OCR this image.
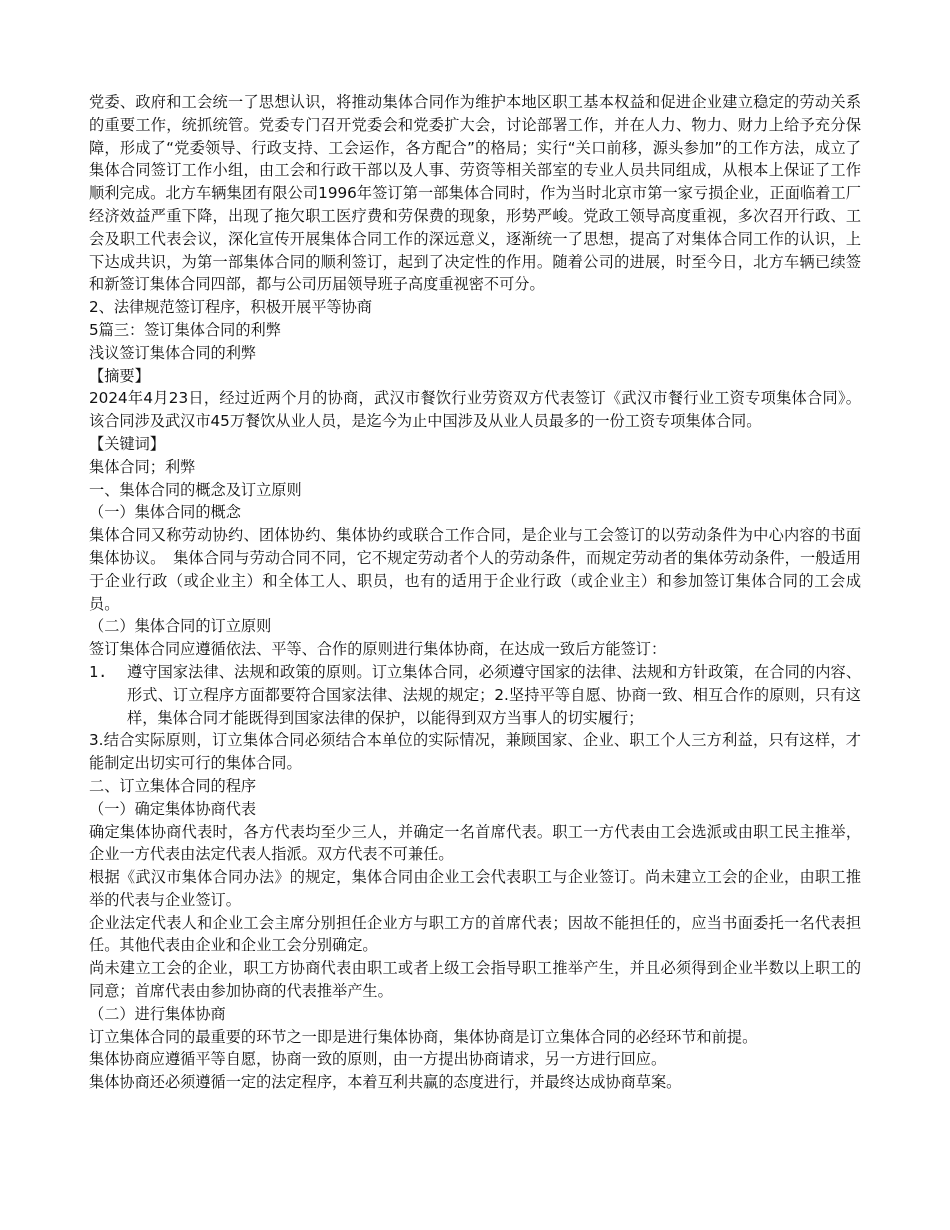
党委、政府和工会统一了思想认识，将推动集体合同作为维护本地区职工基本权益和促进企业建立稳定的劳动关系的重要工作，统抓统管。党委专门召开党委会和党委扩大会，讨论部署工作，并在人力、物力、财力上给予充分保障，形成了“党委领导、行政支持、工会运作，各方配合”的格局；实行“关口前移，源头参加”的工作方法，成立了集体合同签订工作小组，由工会和行政干部以及人事、劳资等相关部室的专业人员共同组成，从根本上保证了工作顺利完成。北方车辆集团有限公司1996年签订第一部集体合同时，作为当时北京市第一家亏损企业，正面临着工厂经济效益严重下降，出现了拖欠职工医疗费和劳保费的现象，形势严峻。党政工领导高度重视，多次召开行政、工会及职工代表会议，深化宣传开展集体合同工作的深远意义，逐渐统一了思想，提高了对集体合同工作的认识，上下达成共识，为第一部集体合同的顺利签订，起到了决定性的作用。随着公司的进展，时至今日，北方车辆已续签和新签订集体合同四部，都与公司历届领导班子高度重视密不可分。

2、法律规范签订程序，积极开展平等协商

5篇三：签订集体合同的利弊

浅议签订集体合同的利弊

【摘要】

2024年4月23日，经过近两个月的协商，武汉市餐饮行业劳资双方代表签订《武汉市餐行业工资专项集体合同》。该合同涉及武汉市45万餐饮从业人员，是迄今为止中国涉及从业人员最多的一份工资专项集体合同。

【关键词】

集体合同；利弊

一、集体合同的概念及订立原则

（一）集体合同的概念

集体合同又称劳动协约、团体协约、集体协约或联合工作合同，是企业与工会签订的以劳动条件为中心内容的书面集体协议。　集体合同与劳动合同不同，它不规定劳动者个人的劳动条件，而规定劳动者的集体劳动条件，一般适用于企业行政（或企业主）和全体工人、职员，也有的适用于企业行政（或企业主）和参加签订集体合同的工会成员。

（二）集体合同的订立原则

签订集体合同应遵循依法、平等、合作的原则进行集体协商，在达成一致后方能签订：

1. 遵守国家法律、法规和政策的原则。订立集体合同，必须遵守国家的法律、法规和方针政策，在合同的内容、形式、订立程序方面都要符合国家法律、法规的规定；2.坚持平等自愿、协商一致、相互合作的原则，只有这样，集体合同才能既得到国家法律的保护，以能得到双方当事人的切实履行；

3.结合实际原则，订立集体合同必须结合本单位的实际情况，兼顾国家、企业、职工个人三方利益，只有这样，才能制定出切实可行的集体合同。

二、订立集体合同的程序

（一）确定集体协商代表

确定集体协商代表时，各方代表均至少三人，并确定一名首席代表。职工一方代表由工会选派或由职工民主推举，企业一方代表由法定代表人指派。双方代表不可兼任。

根据《武汉市集体合同办法》的规定，集体合同由企业工会代表职工与企业签订。尚未建立工会的企业，由职工推举的代表与企业签订。

企业法定代表人和企业工会主席分别担任企业方与职工方的首席代表；因故不能担任的，应当书面委托一名代表担任。其他代表由企业和企业工会分别确定。

尚未建立工会的企业，职工方协商代表由职工或者上级工会指导职工推举产生，并且必须得到企业半数以上职工的同意；首席代表由参加协商的代表推举产生。

（二）进行集体协商

订立集体合同的最重要的环节之一即是进行集体协商，集体协商是订立集体合同的必经环节和前提。

集体协商应遵循平等自愿，协商一致的原则，由一方提出协商请求，另一方进行回应。

集体协商还必须遵循一定的法定程序，本着互利共赢的态度进行，并最终达成协商草案。
